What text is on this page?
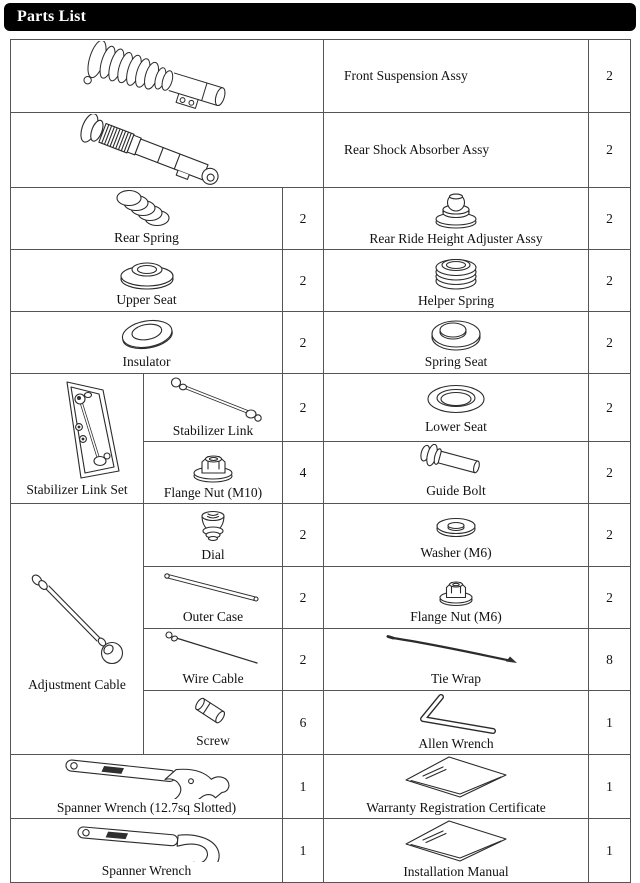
Parts List
	Front Suspension Assy	2

	Rear Shock Absorber Assy	2

Rear Spring		2	Rear Ride Height Adjuster Assy	2

Upper Seat		2	Helper Spring	2

Insulator		2	Spring Seat	2

Stabilizer Link Set	Stabilizer Link	2	Lower Seat	2

	Flange Nut (M10)	4	Guide Bolt	2

Adjustment Cable	Dial	2	Washer (M6)	2

	Outer Case	2	Flange Nut (M6)	2

	Wire Cable	2	Tie Wrap	8

	Screw	6	Allen Wrench	1

Spanner Wrench (12.7sq Slotted)		1	Warranty Registration Certificate	1

Spanner Wrench		1	Installation Manual	1
